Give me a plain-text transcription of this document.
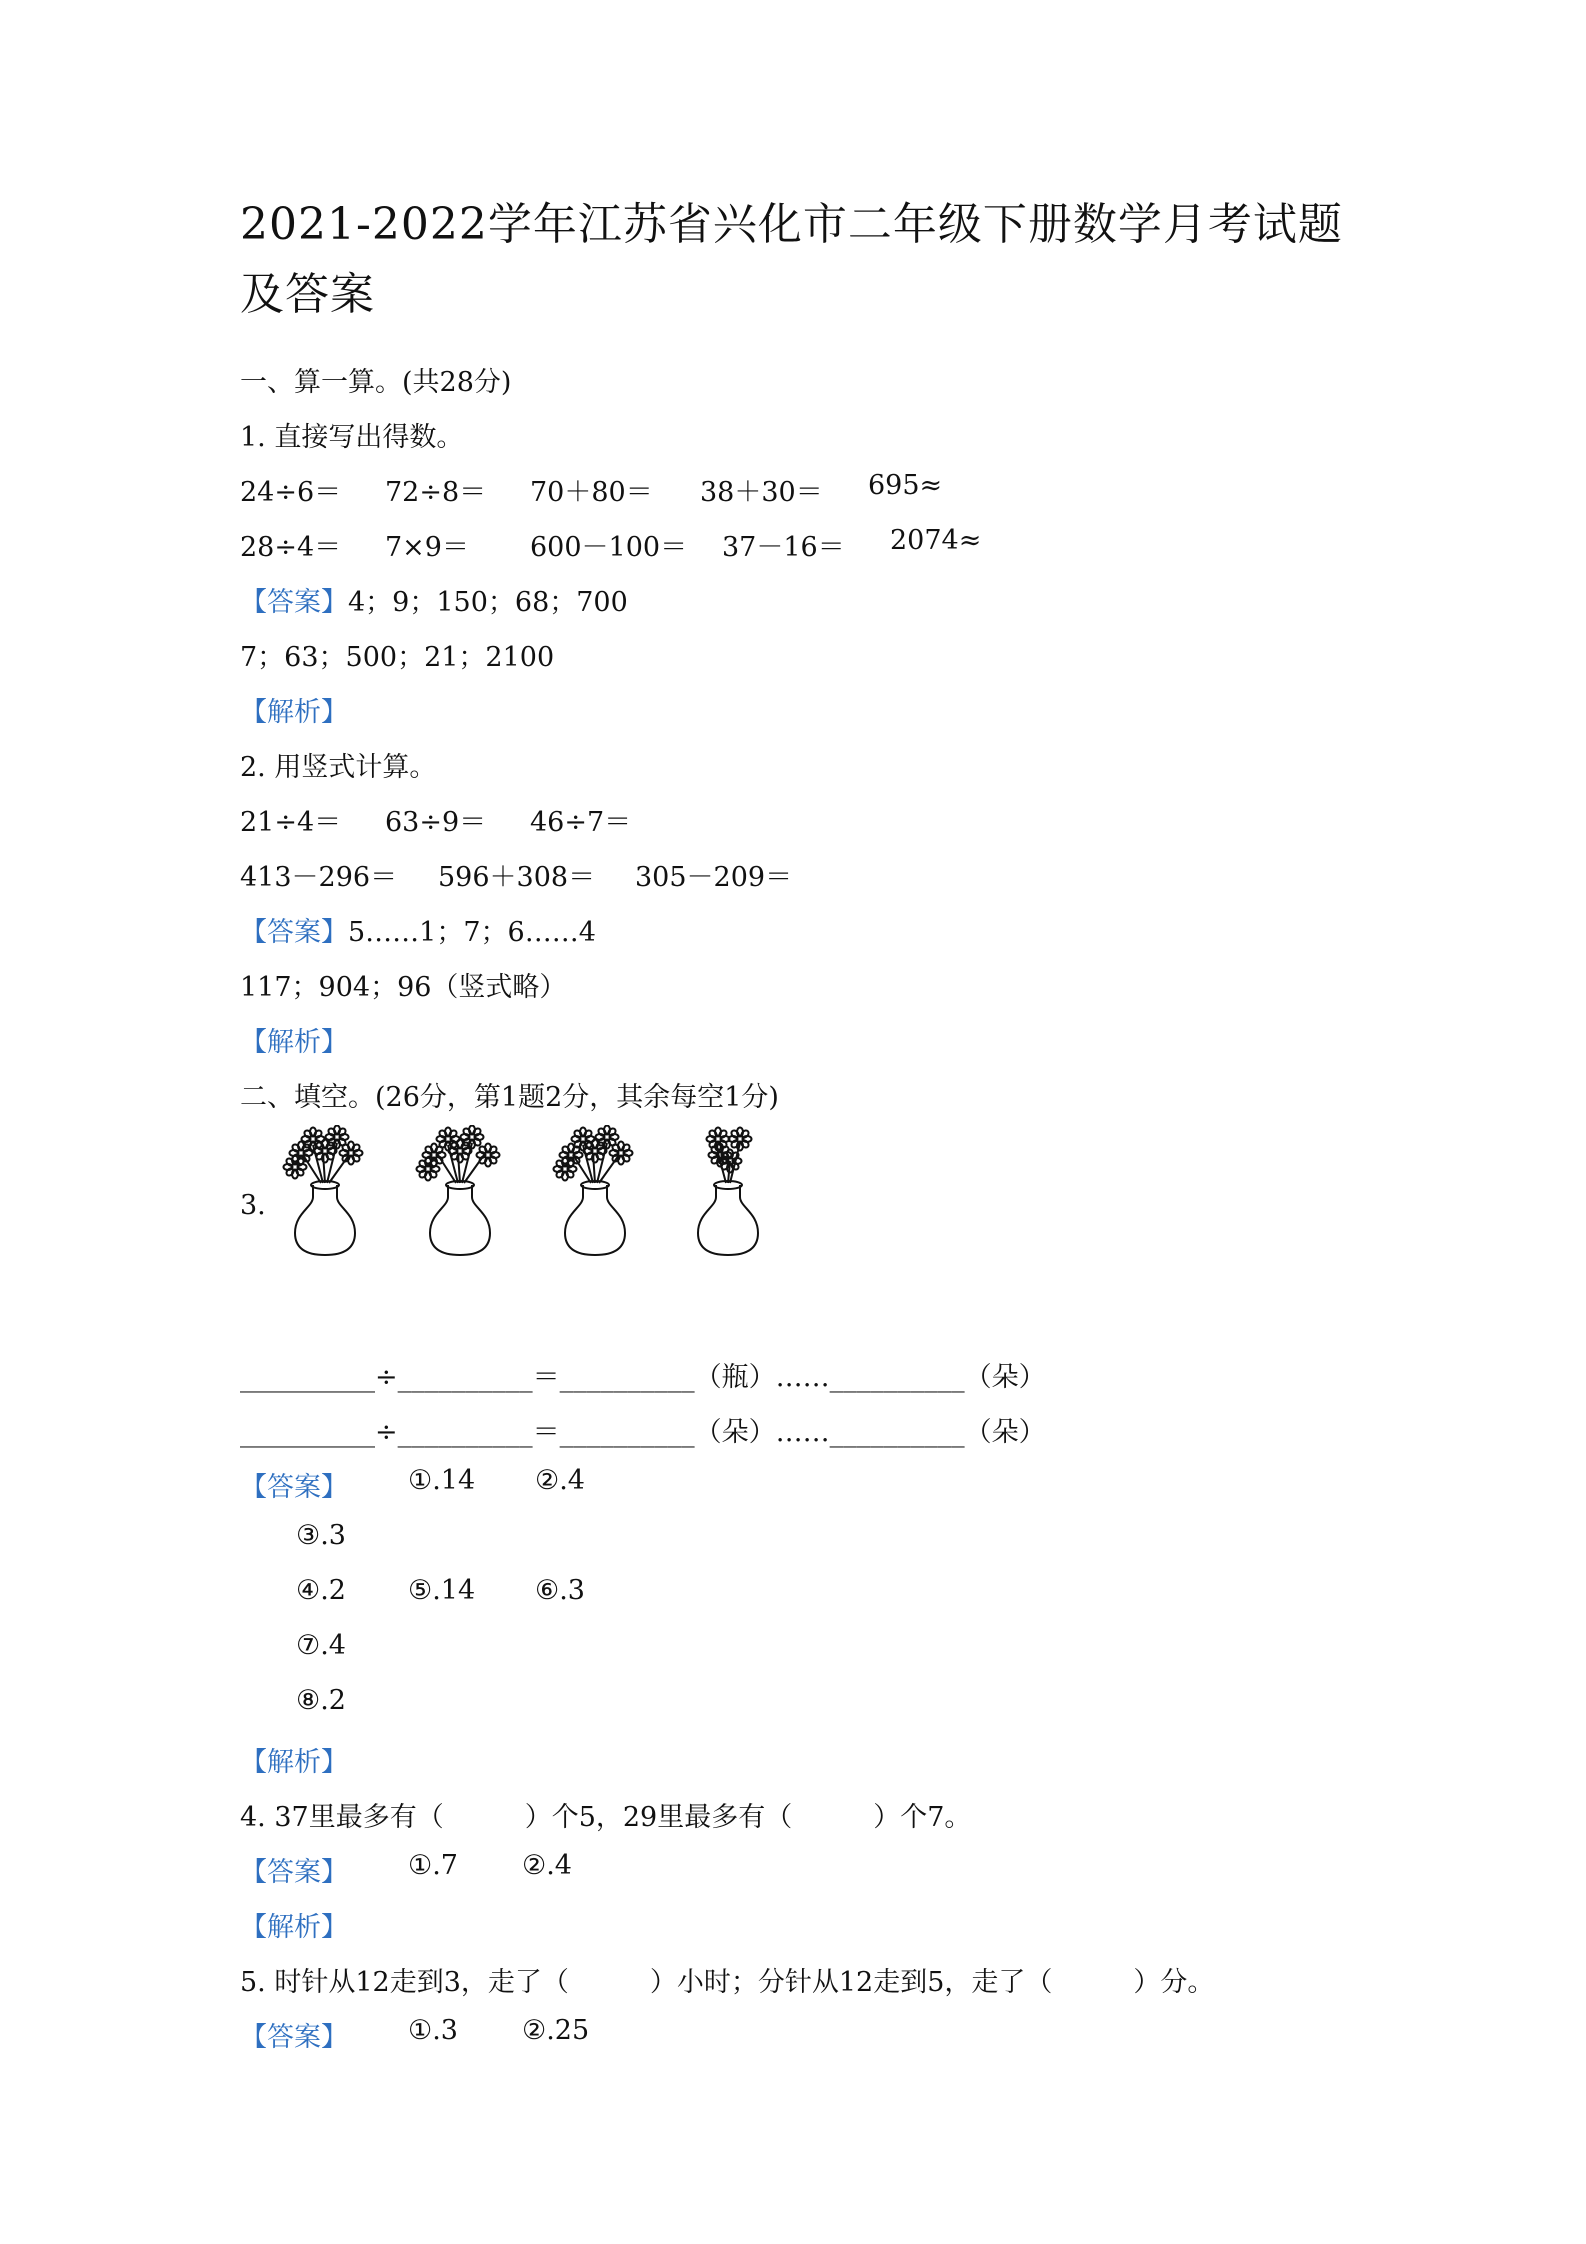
2021-2022学年江苏省兴化市二年级下册数学月考试题及答案
一、算一算。(共28分)
1. 直接写出得数。
24÷6＝ 72÷8＝ 70＋80＝ 38＋30＝ 695≈
28÷4＝ 7×9＝ 600－100＝ 37－16＝ 2074≈
【答案】4；9；150；68；700
7；63；500；21；2100
【解析】
2. 用竖式计算。
21÷4＝ 63÷9＝ 46÷7＝
413－296＝ 596＋308＝ 305－209＝
【答案】5……1；7；6……4
117；904；96（竖式略）
【解析】
二、填空。(26分，第1题2分，其余每空1分)
3.
__________÷__________＝__________（瓶）……__________（朵）
__________÷__________＝__________（朵）……__________（朵）
【答案】 ①.14 ②.4
③.3
④.2 ⑤.14 ⑥.3
⑦.4
⑧.2
【解析】
4. 37里最多有（　　　）个5，29里最多有（　　　）个7。
【答案】 ①.7 ②.4
【解析】
5. 时针从12走到3，走了（　　　）小时；分针从12走到5，走了（　　　）分。
【答案】 ①.3 ②.25
